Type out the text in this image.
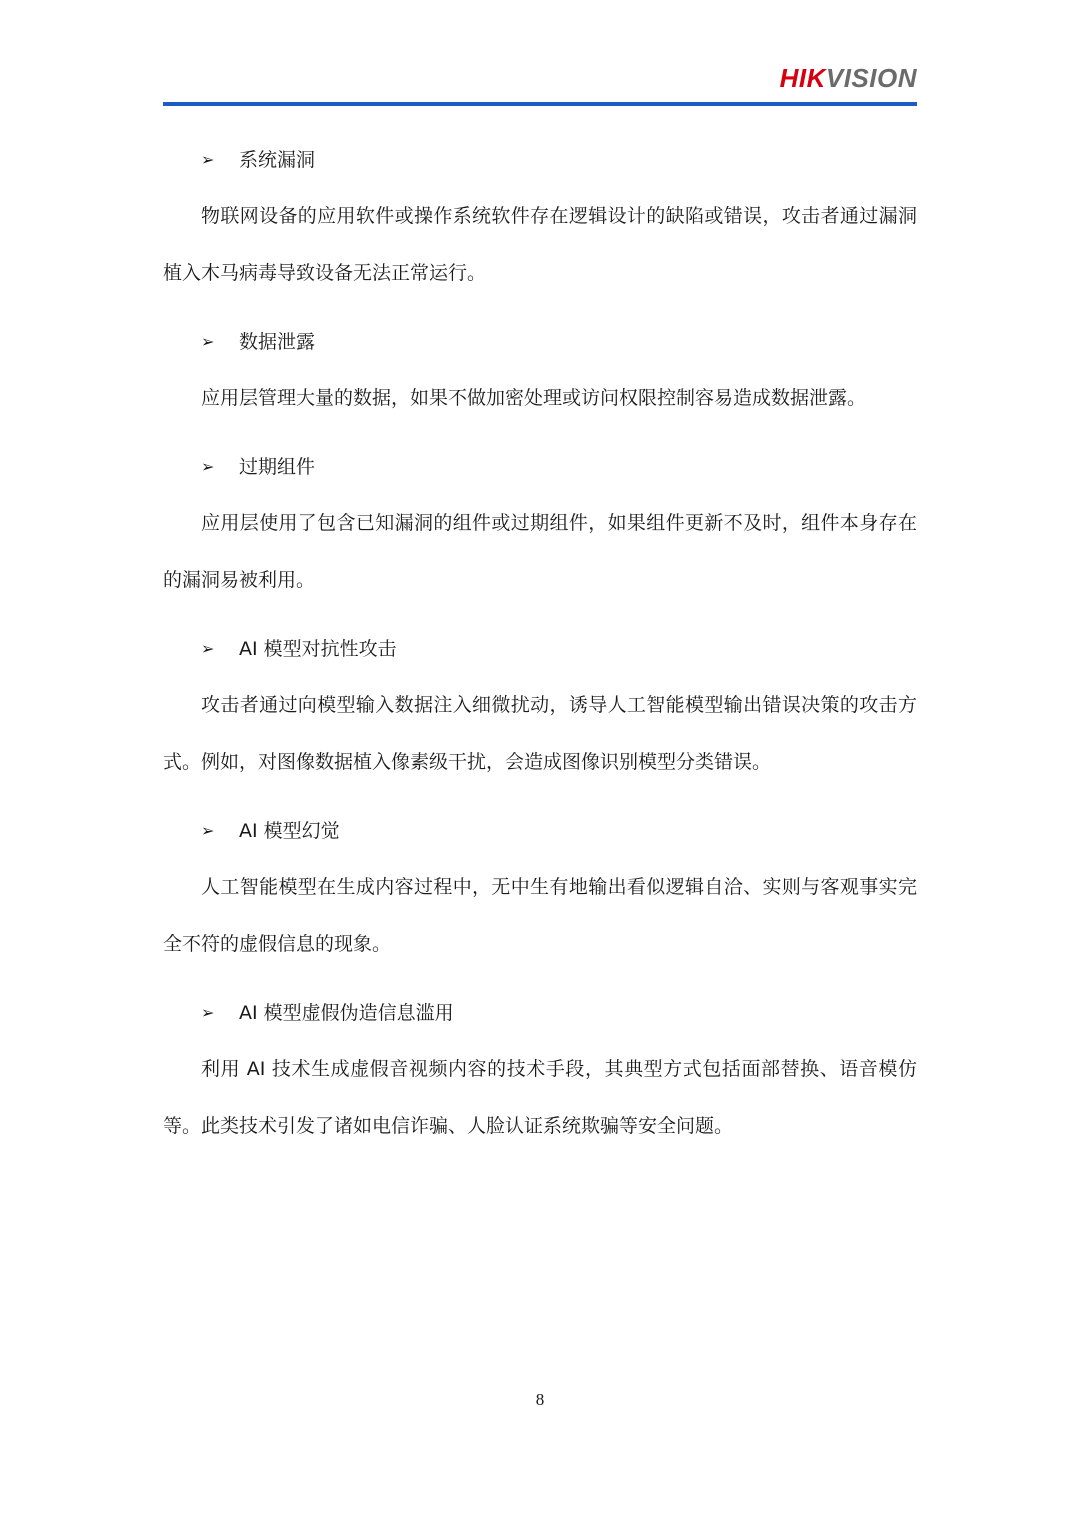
HIKVISION
➢ 系统漏洞

物联网设备的应用软件或操作系统软件存在逻辑设计的缺陷或错误，攻击者通过漏洞植入木马病毒导致设备无法正常运行。

➢ 数据泄露

应用层管理大量的数据，如果不做加密处理或访问权限控制容易造成数据泄露。

➢ 过期组件

应用层使用了包含已知漏洞的组件或过期组件，如果组件更新不及时，组件本身存在的漏洞易被利用。

➢ AI 模型对抗性攻击

攻击者通过向模型输入数据注入细微扰动，诱导人工智能模型输出错误决策的攻击方式。例如，对图像数据植入像素级干扰，会造成图像识别模型分类错误。

➢ AI 模型幻觉

人工智能模型在生成内容过程中，无中生有地输出看似逻辑自洽、实则与客观事实完全不符的虚假信息的现象。

➢ AI 模型虚假伪造信息滥用

利用 AI 技术生成虚假音视频内容的技术手段，其典型方式包括面部替换、语音模仿等。此类技术引发了诸如电信诈骗、人脸认证系统欺骗等安全问题。

8
